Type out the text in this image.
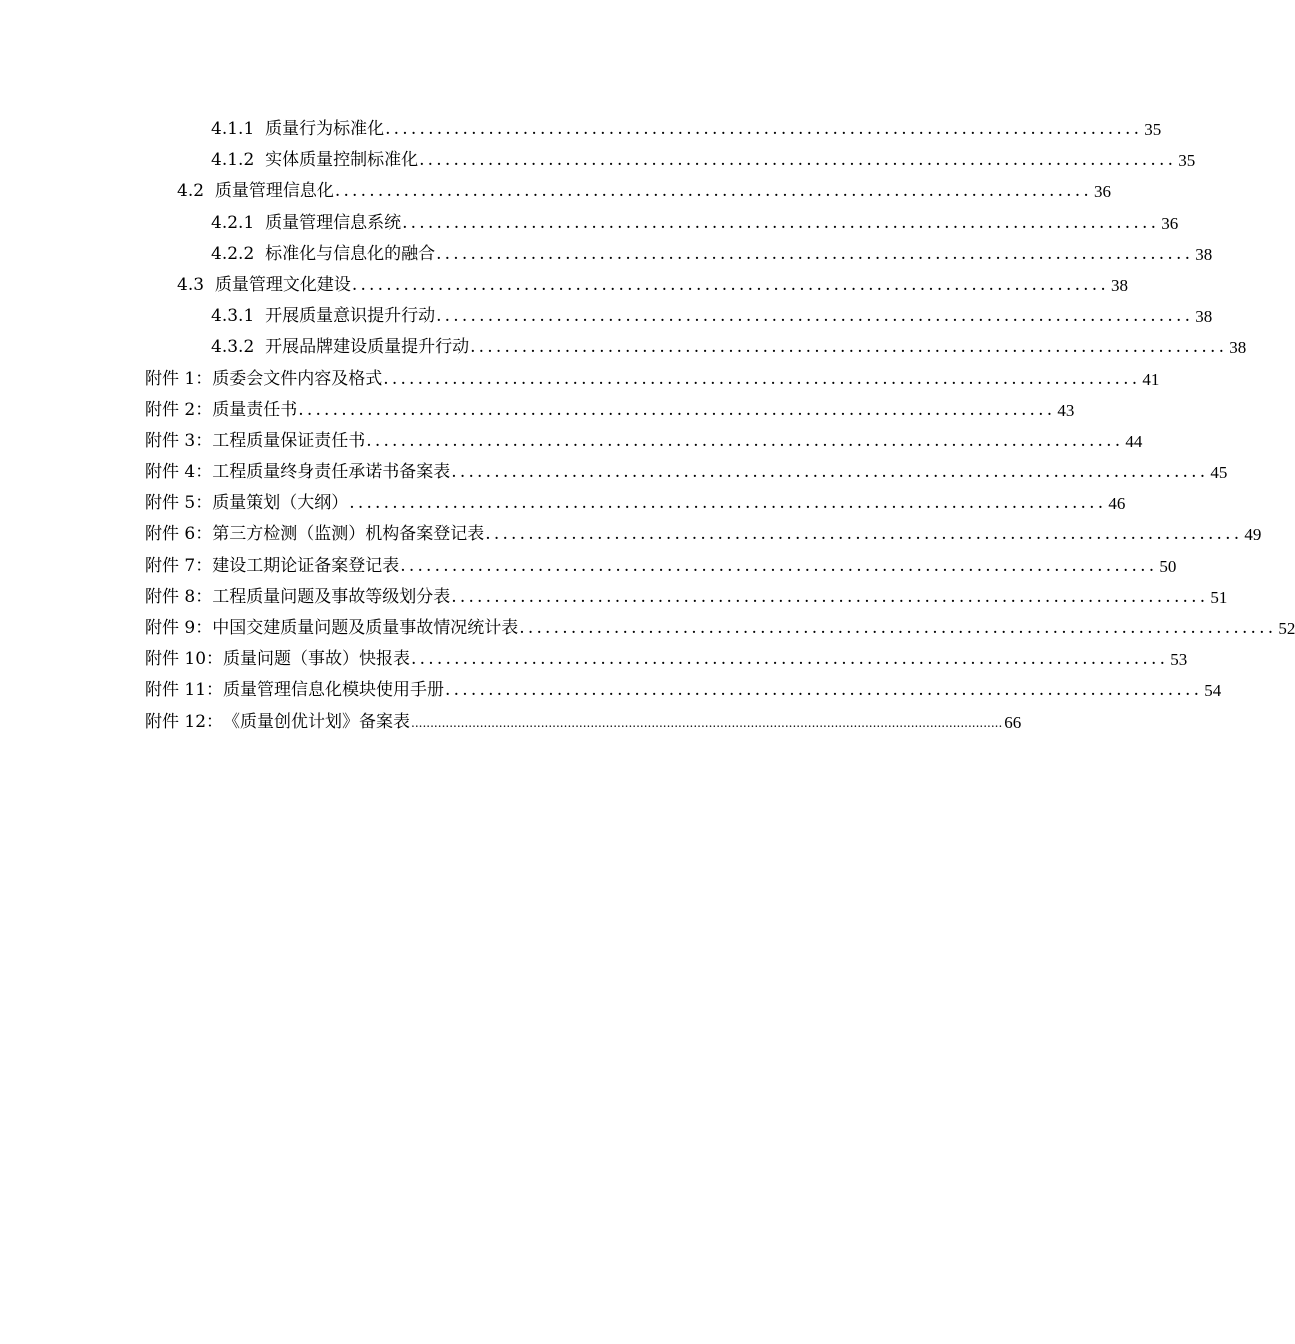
4.1.1 质量行为标准化 ........................................................................................ 35
4.1.2 实体质量控制标准化 ........................................................................................ 35
4.2 质量管理信息化 ........................................................................................ 36
4.2.1 质量管理信息系统 ........................................................................................ 36
4.2.2 标准化与信息化的融合 ........................................................................................ 38
4.3 质量管理文化建设 ........................................................................................ 38
4.3.1 开展质量意识提升行动 ........................................................................................ 38
4.3.2 开展品牌建设质量提升行动 ........................................................................................ 38
附件 1： 质委会文件内容及格式 ........................................................................................ 41
附件 2： 质量责任书 ........................................................................................ 43
附件 3： 工程质量保证责任书 ........................................................................................ 44
附件 4： 工程质量终身责任承诺书备案表 ........................................................................................ 45
附件 5： 质量策划（大纲） ........................................................................................ 46
附件 6： 第三方检测（监测）机构备案登记表 ........................................................................................ 49
附件 7： 建设工期论证备案登记表 ........................................................................................ 50
附件 8： 工程质量问题及事故等级划分表 ........................................................................................ 51
附件 9： 中国交建质量问题及质量事故情况统计表 ........................................................................................ 52
附件 10： 质量问题（事故）快报表 ........................................................................................ 53
附件 11： 质量管理信息化模块使用手册 ........................................................................................ 54
附件 12： 《质量创优计划》备案表 ........................................................................................................................................................... 66
